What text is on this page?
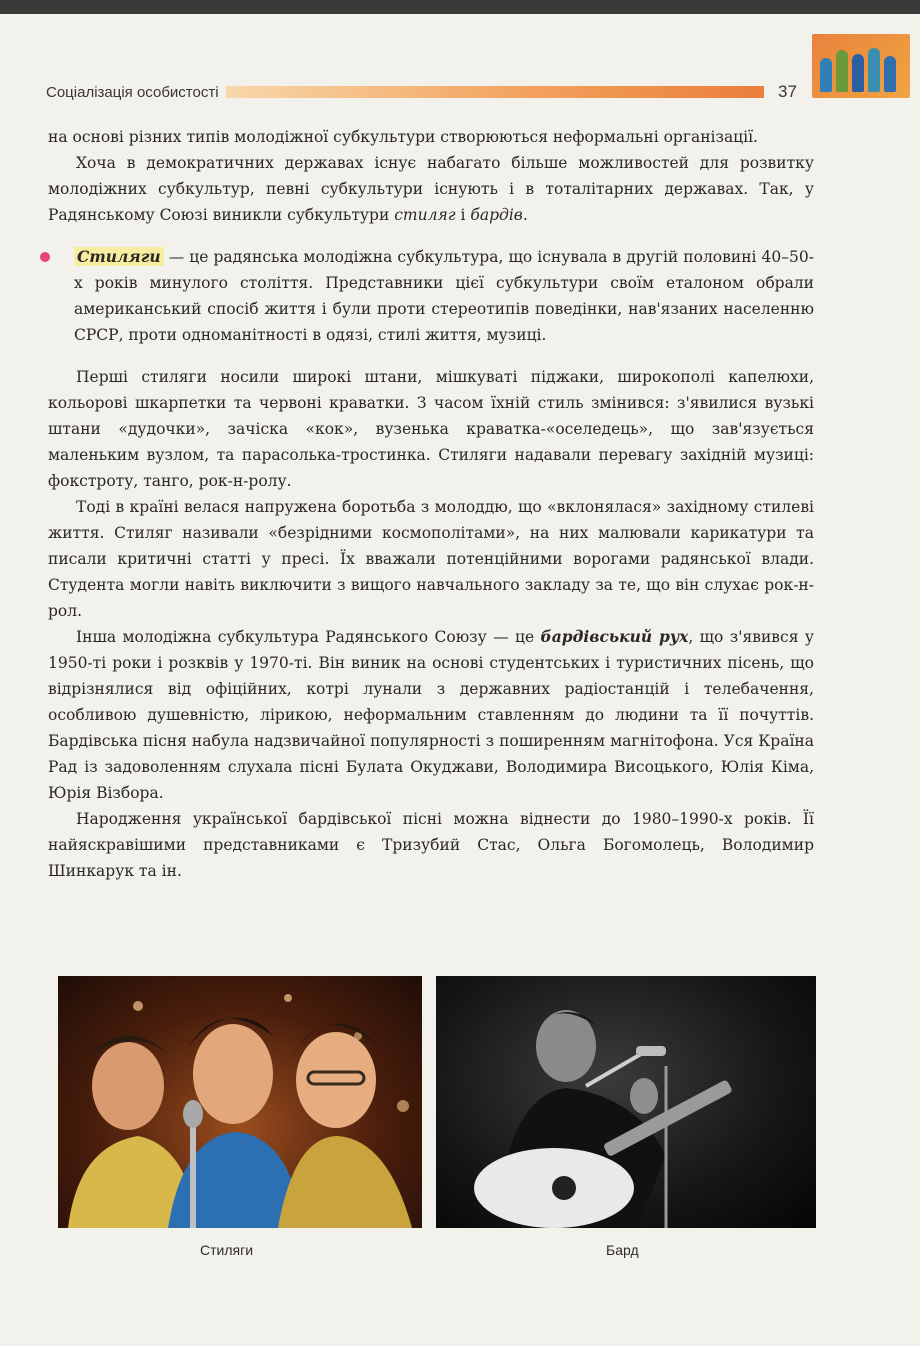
Соціалізація особистості	37

на основі різних типів молодіжної субкультури створюються неформальні організації.

Хоча в демократичних державах існує набагато більше можливостей для розвитку молодіжних субкультур, певні субкультури існують і в тоталітарних державах. Так, у Радянському Союзі виникли субкультури стиляг і бардів.

Стиляги — це радянська молодіжна субкультура, що існувала в другій половині 40–50-х років минулого століття. Представники цієї субкультури своїм еталоном обрали американський спосіб життя і були проти стереотипів поведінки, нав'язаних населенню СРСР, проти одноманітності в одязі, стилі життя, музиці.

Перші стиляги носили широкі штани, мішкуваті піджаки, широкополі капелюхи, кольорові шкарпетки та червоні краватки. З часом їхній стиль змінився: з'явилися вузькі штани «дудочки», зачіска «кок», вузенька краватка-«оселедець», що зав'язується маленьким вузлом, та парасолька-тростинка. Стиляги надавали перевагу західній музиці: фокстроту, танго, рок-н-ролу.

Тоді в країні велася напружена боротьба з молоддю, що «вклонялася» західному стилеві життя. Стиляг називали «безрідними космополітами», на них малювали карикатури та писали критичні статті у пресі. Їх вважали потенційними ворогами радянської влади. Студента могли навіть виключити з вищого навчального закладу за те, що він слухає рок-н-рол.

Інша молодіжна субкультура Радянського Союзу — це бардівський рух, що з'явився у 1950-ті роки і розквів у 1970-ті. Він виник на основі студентських і туристичних пісень, що відрізнялися від офіційних, котрі лунали з державних радіостанцій і телебачення, особливою душевністю, лірикою, неформальним ставленням до людини та її почуттів. Бардівська пісня набула надзвичайної популярності з поширенням магнітофона. Уся Країна Рад із задоволенням слухала пісні Булата Окуджави, Володимира Висоцького, Юлія Кіма, Юрія Візбора.

Народження української бардівської пісні можна віднести до 1980–1990-х років. Її найяскравішими представниками є Тризубий Стас, Ольга Богомолець, Володимир Шинкарук та ін.

Стиляги	Бард
